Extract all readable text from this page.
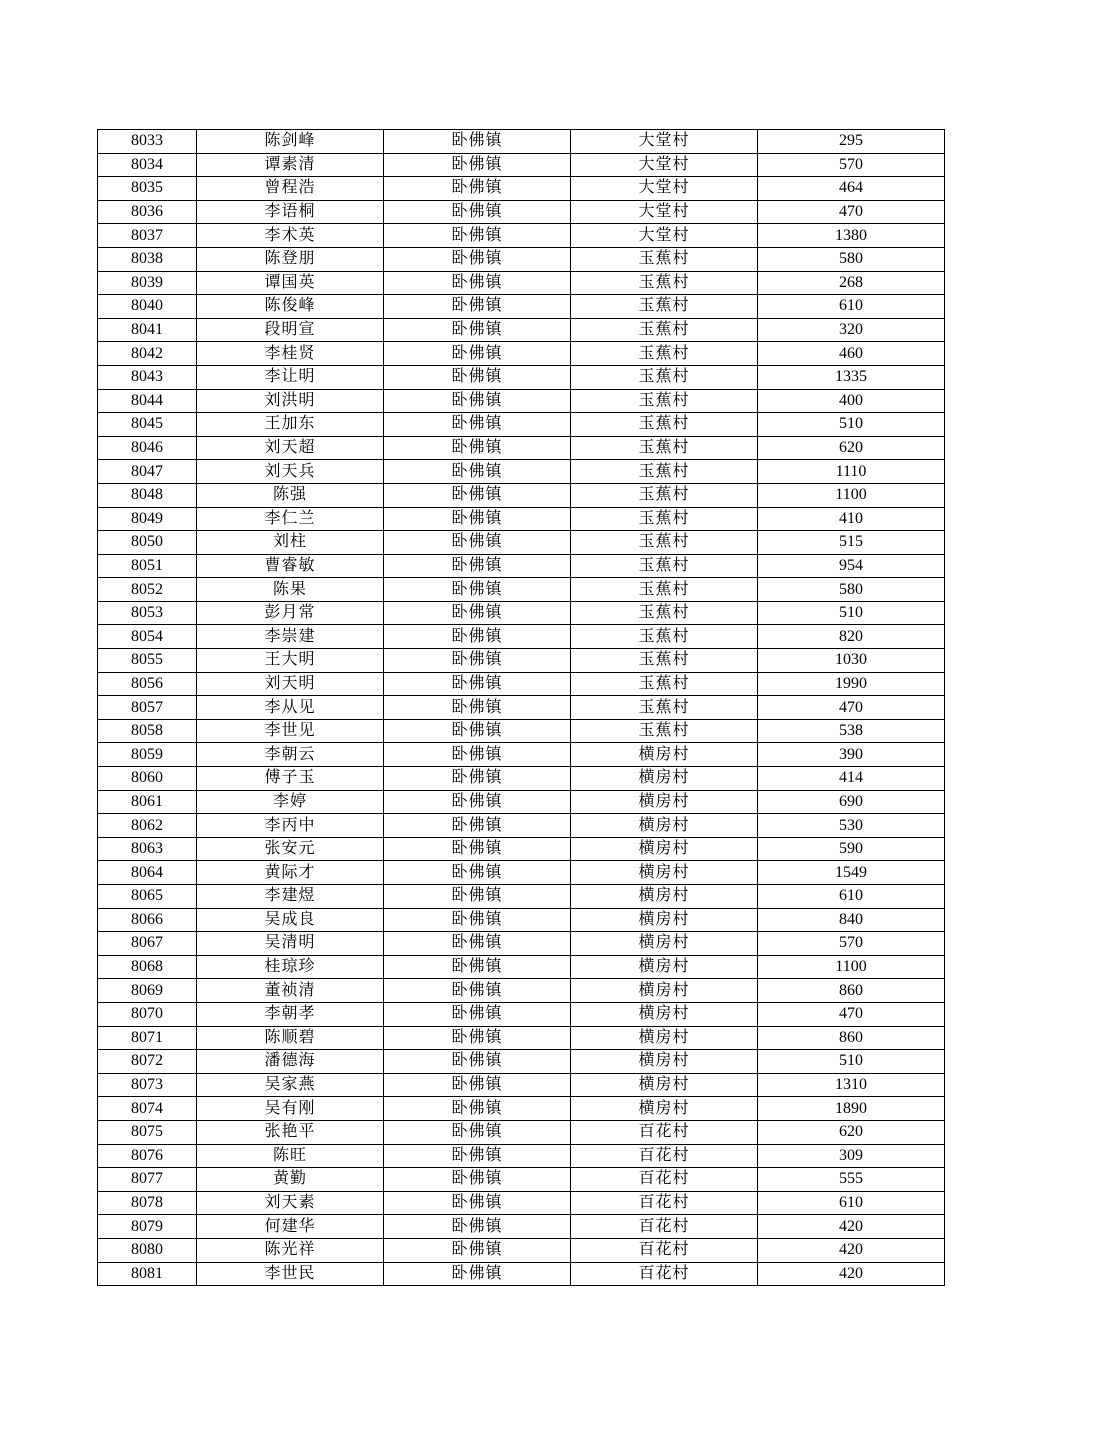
8033	陈剑峰	卧佛镇	大堂村	295
8034	谭素清	卧佛镇	大堂村	570
8035	曾程浩	卧佛镇	大堂村	464
8036	李语桐	卧佛镇	大堂村	470
8037	李术英	卧佛镇	大堂村	1380
8038	陈登朋	卧佛镇	玉蕉村	580
8039	谭国英	卧佛镇	玉蕉村	268
8040	陈俊峰	卧佛镇	玉蕉村	610
8041	段明宣	卧佛镇	玉蕉村	320
8042	李桂贤	卧佛镇	玉蕉村	460
8043	李让明	卧佛镇	玉蕉村	1335
8044	刘洪明	卧佛镇	玉蕉村	400
8045	王加东	卧佛镇	玉蕉村	510
8046	刘天超	卧佛镇	玉蕉村	620
8047	刘天兵	卧佛镇	玉蕉村	1110
8048	陈强	卧佛镇	玉蕉村	1100
8049	李仁兰	卧佛镇	玉蕉村	410
8050	刘柱	卧佛镇	玉蕉村	515
8051	曹睿敏	卧佛镇	玉蕉村	954
8052	陈果	卧佛镇	玉蕉村	580
8053	彭月常	卧佛镇	玉蕉村	510
8054	李崇建	卧佛镇	玉蕉村	820
8055	王大明	卧佛镇	玉蕉村	1030
8056	刘天明	卧佛镇	玉蕉村	1990
8057	李从见	卧佛镇	玉蕉村	470
8058	李世见	卧佛镇	玉蕉村	538
8059	李朝云	卧佛镇	横房村	390
8060	傅子玉	卧佛镇	横房村	414
8061	李婷	卧佛镇	横房村	690
8062	李丙中	卧佛镇	横房村	530
8063	张安元	卧佛镇	横房村	590
8064	黄际才	卧佛镇	横房村	1549
8065	李建煜	卧佛镇	横房村	610
8066	吴成良	卧佛镇	横房村	840
8067	吴清明	卧佛镇	横房村	570
8068	桂琼珍	卧佛镇	横房村	1100
8069	董祯清	卧佛镇	横房村	860
8070	李朝孝	卧佛镇	横房村	470
8071	陈顺碧	卧佛镇	横房村	860
8072	潘德海	卧佛镇	横房村	510
8073	吴家燕	卧佛镇	横房村	1310
8074	吴有刚	卧佛镇	横房村	1890
8075	张艳平	卧佛镇	百花村	620
8076	陈旺	卧佛镇	百花村	309
8077	黄勤	卧佛镇	百花村	555
8078	刘天素	卧佛镇	百花村	610
8079	何建华	卧佛镇	百花村	420
8080	陈光祥	卧佛镇	百花村	420
8081	李世民	卧佛镇	百花村	420
